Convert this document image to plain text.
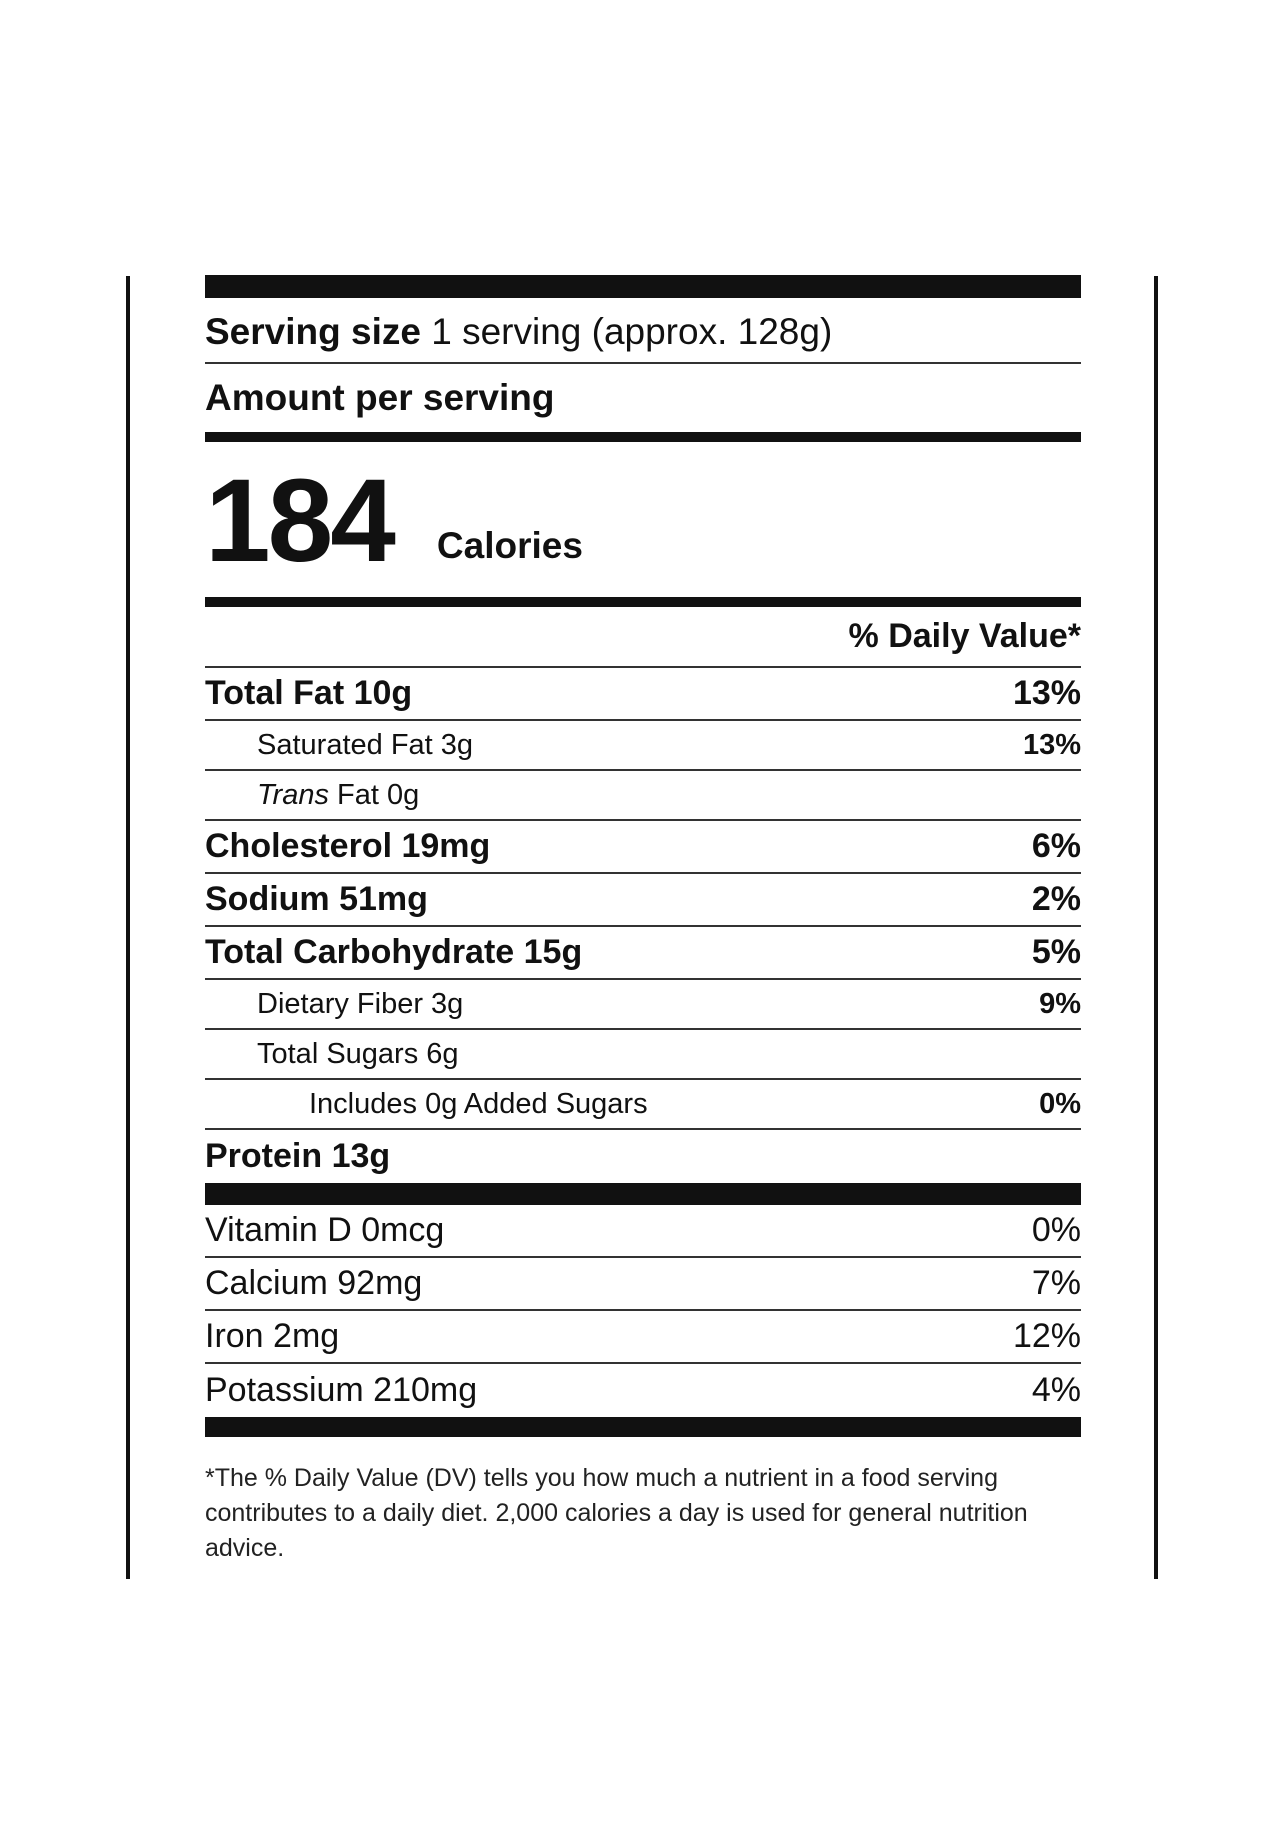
Serving size 1 serving (approx. 128g)
Amount per serving
184 Calories
% Daily Value*
Total Fat 10g	13%
Saturated Fat 3g	13%
Trans Fat 0g
Cholesterol 19mg	6%
Sodium 51mg	2%
Total Carbohydrate 15g	5%
Dietary Fiber 3g	9%
Total Sugars 6g
Includes 0g Added Sugars	0%
Protein 13g
Vitamin D 0mcg	0%
Calcium 92mg	7%
Iron 2mg	12%
Potassium 210mg	4%
*The % Daily Value (DV) tells you how much a nutrient in a food serving contributes to a daily diet. 2,000 calories a day is used for general nutrition advice.
